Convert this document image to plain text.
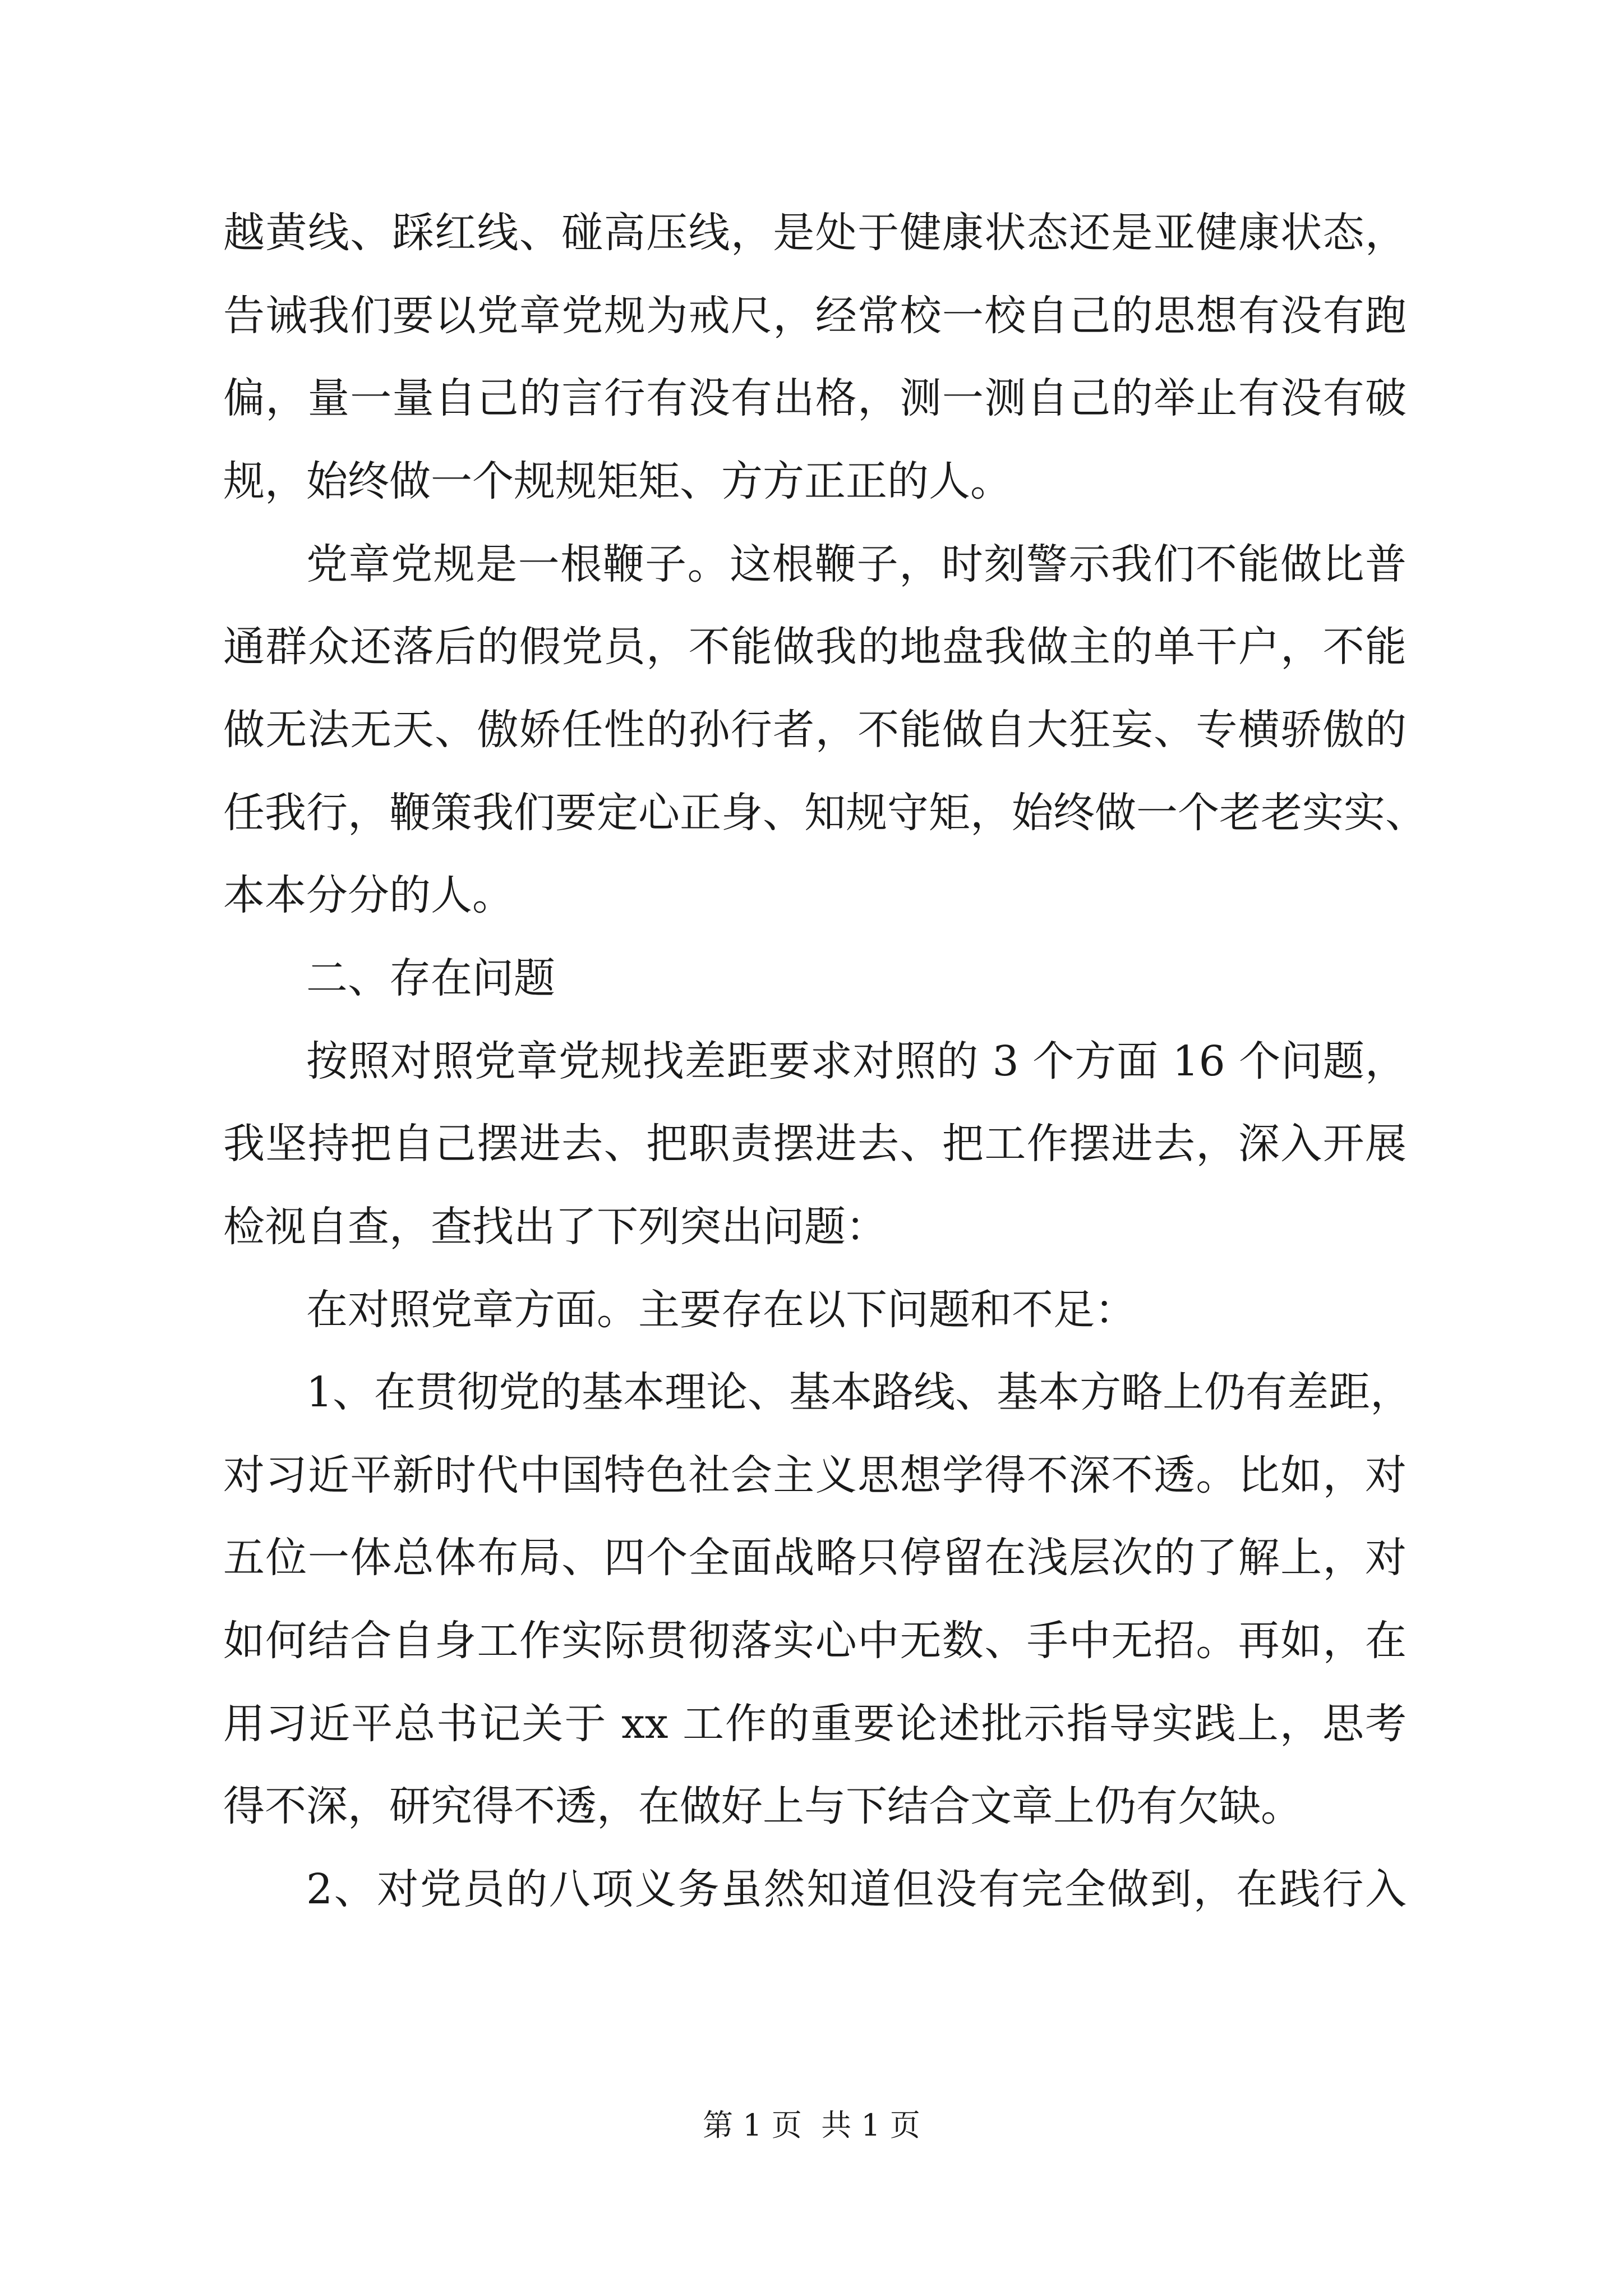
越黄线、踩红线、碰高压线，是处于健康状态还是亚健康状态，
告诫我们要以党章党规为戒尺，经常校一校自己的思想有没有跑
偏，量一量自己的言行有没有出格，测一测自己的举止有没有破
规，始终做一个规规矩矩、方方正正的人。
党章党规是一根鞭子。这根鞭子，时刻警示我们不能做比普
通群众还落后的假党员，不能做我的地盘我做主的单干户，不能
做无法无天、傲娇任性的孙行者，不能做自大狂妄、专横骄傲的
任我行，鞭策我们要定心正身、知规守矩，始终做一个老老实实、
本本分分的人。
二、存在问题
按照对照党章党规找差距要求对照的 3 个方面 16 个问题，
我坚持把自己摆进去、把职责摆进去、把工作摆进去，深入开展
检视自查，查找出了下列突出问题：
在对照党章方面。主要存在以下问题和不足：
1、在贯彻党的基本理论、基本路线、基本方略上仍有差距，
对习近平新时代中国特色社会主义思想学得不深不透。比如，对
五位一体总体布局、四个全面战略只停留在浅层次的了解上，对
如何结合自身工作实际贯彻落实心中无数、手中无招。再如，在
用习近平总书记关于 xx 工作的重要论述批示指导实践上，思考
得不深，研究得不透，在做好上与下结合文章上仍有欠缺。
2、对党员的八项义务虽然知道但没有完全做到，在践行入
第 1 页  共 1 页
